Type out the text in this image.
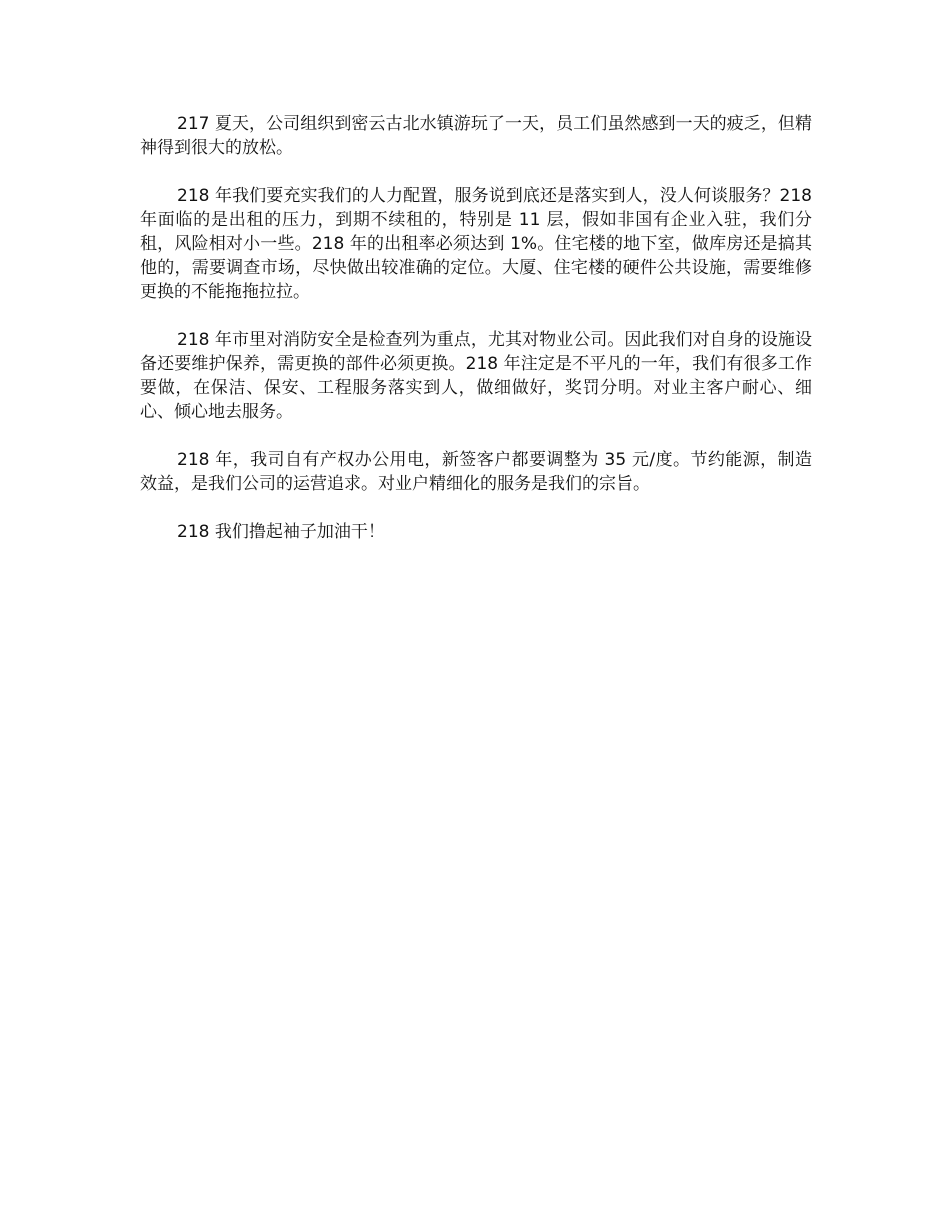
217 夏天，公司组织到密云古北水镇游玩了一天，员工们虽然感到一天的疲乏，但精神得到很大的放松。

218 年我们要充实我们的人力配置，服务说到底还是落实到人，没人何谈服务？218 年面临的是出租的压力，到期不续租的，特别是 11 层，假如非国有企业入驻，我们分租，风险相对小一些。218 年的出租率必须达到 1%。住宅楼的地下室，做库房还是搞其他的，需要调查市场，尽快做出较准确的定位。大厦、住宅楼的硬件公共设施，需要维修更换的不能拖拖拉拉。

218 年市里对消防安全是检查列为重点，尤其对物业公司。因此我们对自身的设施设备还要维护保养，需更换的部件必须更换。218 年注定是不平凡的一年，我们有很多工作要做，在保洁、保安、工程服务落实到人，做细做好，奖罚分明。对业主客户耐心、细心、倾心地去服务。

218 年，我司自有产权办公用电，新签客户都要调整为 35 元/度。节约能源，制造效益，是我们公司的运营追求。对业户精细化的服务是我们的宗旨。

218 我们撸起袖子加油干！
